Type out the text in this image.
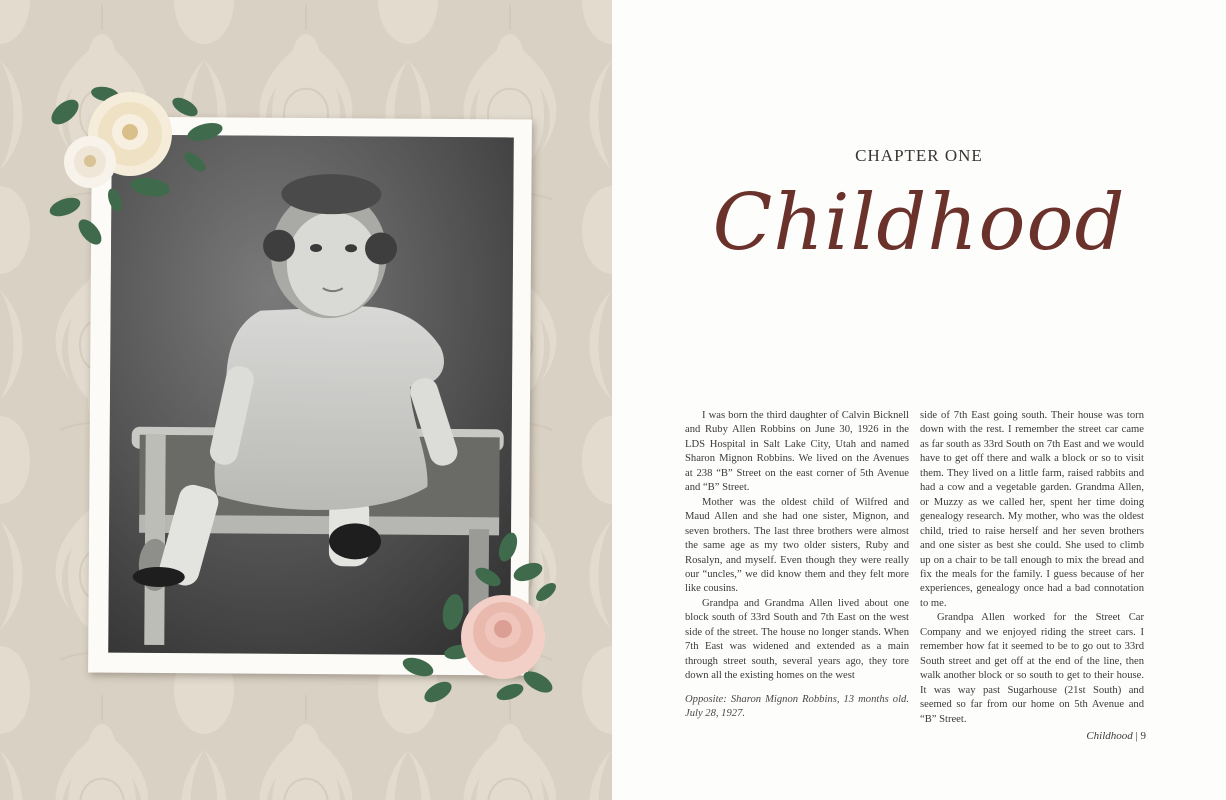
CHAPTER ONE
Childhood

I was born the third daughter of Calvin Bicknell and Ruby Allen Robbins on June 30, 1926 in the LDS Hospital in Salt Lake City, Utah and named Sharon Mignon Robbins. We lived on the Avenues at 238 “B” Street on the east corner of 5th Avenue and “B” Street.

Mother was the oldest child of Wilfred and Maud Allen and she had one sister, Mignon, and seven brothers. The last three brothers were almost the same age as my two older sisters, Ruby and Rosalyn, and myself. Even though they were really our “uncles,” we did know them and they felt more like cousins.

Grandpa and Grandma Allen lived about one block south of 33rd South and 7th East on the west side of the street. The house no longer stands. When 7th East was widened and extended as a main through street south, several years ago, they tore down all the existing homes on the west

side of 7th East going south. Their house was torn down with the rest. I remember the street car came as far south as 33rd South on 7th East and we would have to get off there and walk a block or so to visit them. They lived on a little farm, raised rabbits and had a cow and a vegetable garden. Grandma Allen, or Muzzy as we called her, spent her time doing genealogy research. My mother, who was the oldest child, tried to raise herself and her seven brothers and one sister as best she could. She used to climb up on a chair to be tall enough to mix the bread and fix the meals for the family. I guess because of her experiences, genealogy once had a bad connotation to me.

Grandpa Allen worked for the Street Car Company and we enjoyed riding the street cars. I remember how fat it seemed to be to go out to 33rd South street and get off at the end of the line, then walk another block or so south to get to their house. It was way past Sugarhouse (21st South) and seemed so far from our home on 5th Avenue and “B” Street.

Opposite: Sharon Mignon Robbins, 13 months old. July 28, 1927.
Childhood | 9
